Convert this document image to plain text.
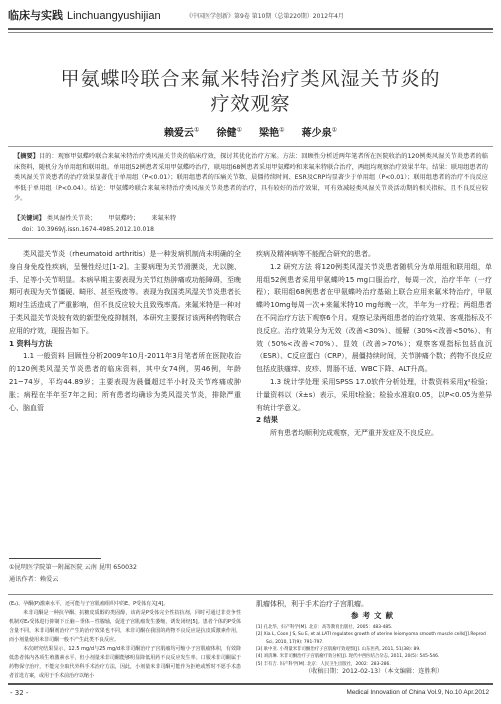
临床与实践 Linchuangyushijian	《中国医学创新》第9卷 第10期（总第220期）2012年4月
甲氨蝶呤联合来氟米特治疗类风湿关节炎的
疗效观察
赖爱云① 徐健① 梁艳① 蒋少泉①
【摘要】目的：观察甲氨蝶呤联合来氟米特治疗类风湿关节炎的临床疗效，探讨其优化治疗方案。方法：回顾性分析近两年笔者所在医院收治的120例类风湿关节炎患者的临床资料，随机分为单用组和联用组。单用组52例患者采用甲氨蝶呤治疗，联用组68例患者采用甲氨蝶呤和来氟米特联合治疗，两组均观察治疗效果半年。结果：联用组患者的类风湿关节炎患者的治疗效果显著优于单用组（P<0.01）；联用组患者的压痛关节数、晨僵持续时间、ESR及CRP均显著少于单用组（P<0.01）；联用组患者的治疗不良反应率低于单用组（P<0.04）。结论：甲氨蝶呤联合来氟米特治疗类风湿关节炎患者的治疗，具有较好的治疗效果，可有效减轻类风湿关节炎活动期的相关指标，且不良反应较少。
【关键词】 类风湿性关节炎； 甲氨蝶呤； 来氟米特
doi：10.3969/j.issn.1674-4985.2012.10.018

类风湿关节炎（rheumatoid arthritis）是一种发病机制尚未明确的全身自身免疫性疾病，呈慢性经过[1-2]。主要病理为关节滑膜炎，尤以腕、手、足等小关节明显。本病早期主要表现为关节红热肿痛或功能障碍，至晚期可表现为关节僵硬、畸形、甚至残废等。表现为我国类风湿关节炎患者长期对生活造成了严重影响，但不良反应较大且致残率高。来氟米特是一种对于类风湿关节炎较有效的新型免疫抑制剂，本研究主要探讨该两种药物联合应用的疗效，现报告如下。

1 资料与方法

1.1 一般资料 回顾性分析2009年10月-2011年3月笔者所在医院收治的120例类风湿关节炎患者的临床资料，其中女74例，男46例，年龄21~74岁，平均44.89岁；主要表现为晨僵超过半小时及关节疼痛或肿胀；病程在半年至7年之间；所有患者均确诊为类风湿关节炎，排除严重心、脑血管

疾病及精神病等不能配合研究的患者。

1.2 研究方法 将120例类风湿关节炎患者随机分为单用组和联用组，单用组52例患者采用甲氨蝶呤15 mg口服治疗，每周一次，治疗半年（一疗程）；联用组68例患者在甲氨蝶呤治疗基础上联合应用来氟米特治疗，甲氨蝶呤10mg每周一次+来氟米特10 mg每晚一次，半年为一疗程；两组患者在不同治疗方法下观察6个月。观察记录两组患者的治疗效果、客观指标及不良反应。治疗效果分为无效（改善<30%）、缓解（30%<改善<50%）、有效（50%<改善<70%）、显效（改善>70%）；观察客观指标包括血沉（ESR）、C反应蛋白（CRP），晨僵持续时间，关节肿痛个数；药物不良反应包括皮肤瘙痒、皮疹、胃肠不适、WBC下降、ALT升高。

1.3 统计学处理 采用SPSS 17.0软件分析处理，计数资料采用χ²检验；计量资料以（x̄±s）表示，采用t检验；检验水准取0.05，以P<0.05为差异有统计学意义。

2 结果

所有患者均顺利完成观察，无严重并发症及不良反应。

①昆明医学院第一附属医院 云南 昆明 650032
通讯作者：赖爱云

(E₂)、孕酮(P)激素水平，还可能与子宫肌瘤组织中的E、P受体有关[4]。

米非司酮是一种抗孕酮、抗糖皮质醇的类固醇，该药是P受体完全性拮抗剂，同时可通过非竞争性机制对E₂受体进行抑制下丘脑－垂体－性腺轴，促进子宫肌瘤发生萎缩，诱发闭经[5]。患者个体的P受体含量不同，米非司酮剂治疗产生的治疗效果也不同，米非司酮在我国的药物不良反应是抗皮质激素作用，而小剂量使用米非司酮一般不产生此类不良反应。

本次研究结果显示，12.5 mg/d与25 mg/d米非司酮治疗子宫肌瘤均可缩小子宫肌瘤体积，有效降低患者体内各项生殖激素水平，但小剂量米非司酮能够明显降低用药不良反应发生率。口服米非司酮属于药物保守治疗，不能完全取代外科手术治疗方法，因此，小剂量米非司酮可能作为拒绝或暂时不愿手术患者首选方案，或用于手术前治疗以缩小

肌瘤体积，利于手术治疗子宫肌瘤。

参考文献
[1] 孔北华，妇产科学[M]. 北京：高等教育出版社，2005：483-485.
[2] Xia L, Coon J S, Su E, et al.LATI regulates growth of uterine leiomyoma smooth muscle cells[J].Reprod Sci, 2010, 17(9): 791-797.
[3] 耿中亚. 小剂量米非司酮治疗子宫肌瘤疗效观察[J]. 山东医药, 2011, 51(38): 89.
[4] 刘清琳. 米非司酮治疗子宫肌瘤疗效分析[J]. 现代中西医结合杂志, 2011, 20(5): 545-546.
[5] 丰有吉. 妇产科学[M]. 北京：人民卫生出版社，2002：283-286.
（收稿日期：2012-02-13）（本文编辑：连胜利）
- 32 -	Medical Innovation of China Vol.9, No.10 Apr.2012
